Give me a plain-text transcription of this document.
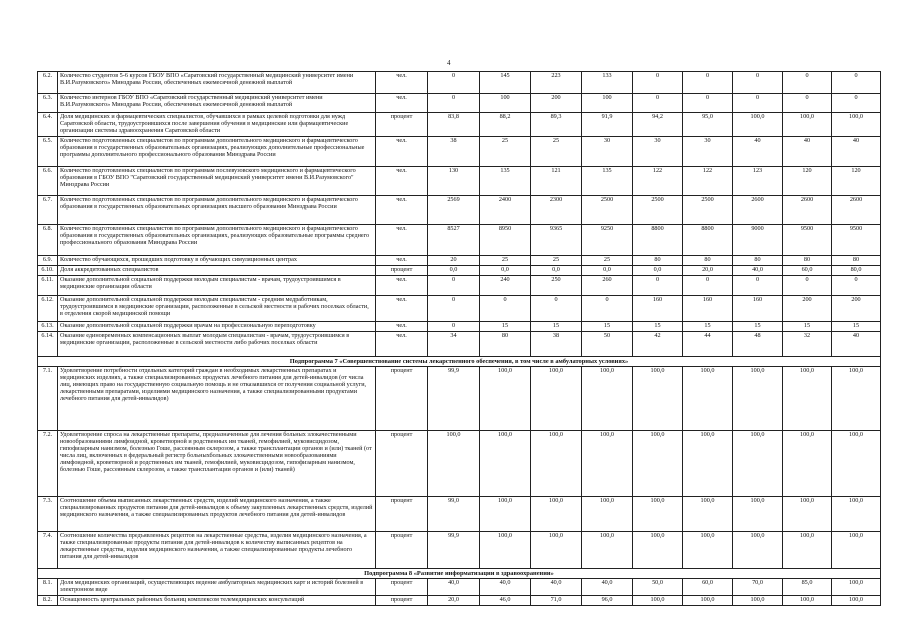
4
6.2.	Количество студентов 5-6 курсов ГБОУ ВПО «Саратовский государственный медицинский университет имени В.И.Разумовского» Минздрава России, обеспеченных ежемесячной денежной выплатой	чел.	0	145	223	133	0	0	0	0	0
6.3.	Количество интернов ГБОУ ВПО «Саратовский государственный медицинский университет имени В.И.Разумовского» Минздрава России, обеспеченных ежемесячной денежной выплатой	чел.	0	100	200	100	0	0	0	0	0
6.4.	Доля медицинских и фармацевтических специалистов, обучавшихся в рамках целевой подготовки для нужд Саратовской области, трудоустроившихся после завершения обучения в медицинские или фармацевтические организации системы здравоохранения Саратовской области	процент	83,8	88,2	89,3	91,9	94,2	95,0	100,0	100,0	100,0
6.5.	Количество подготовленных специалистов по программам дополнительного медицинского и фармацевтического образования в государственных образовательных организациях, реализующих дополнительные профессиональные программы дополнительного профессионального образования Минздрава России	чел.	38	25	25	30	30	30	40	40	40
6.6.	Количество подготовленных специалистов по программам послевузовского медицинского и фармацевтического образования в ГБОУ ВПО "Саратовский государственный медицинский университет имени В.И.Разумовского" Минздрава России	чел.	130	135	121	135	122	122	123	120	120
6.7.	Количество подготовленных специалистов по программам дополнительного медицинского и фармацевтического образования в государственных образовательных организациях высшего образования Минздрава России	чел.	2569	2400	2300	2500	2500	2500	2600	2600	2600
6.8.	Количество подготовленных специалистов по программам дополнительного медицинского и фармацевтического образования в государственных образовательных организациях, реализующих образовательные программы среднего профессионального образования Минздрава России	чел.	8527	8950	9365	9250	8800	8800	9000	9500	9500
6.9.	Количество обучающихся, прошедших подготовку в обучающих симуляционных центрах	чел.	20	25	25	25	80	80	80	80	80
6.10.	Доля аккредитованных специалистов	процент	0,0	0,0	0,0	0,0	0,0	20,0	40,0	60,0	80,0
6.11.	Оказание дополнительной социальной поддержки молодым специалистам - врачам, трудоустроившимся в медицинские организации области	чел.	0	240	250	260	0	0	0	0	0
6.12.	Оказание дополнительной социальной поддержки молодым специалистам - средним медработникам, трудоустроившимся в медицинские организации, расположенные в сельской местности и рабочих поселках области, в отделения скорой медицинской помощи	чел.	0	0	0	0	160	160	160	200	200
6.13.	Оказание дополнительной социальной поддержки врачам на профессиональную переподготовку	чел.	0	15	15	15	15	15	15	15	15
6.14.	Оказание единовременных компенсационных выплат молодым специалистам - врачам, трудоустроившимся в медицинские организации, расположенные в сельской местности либо рабочих поселках области	чел.	34	80	38	50	42	44	48	32	40
Подпрограмма 7 «Совершенствование системы лекарственного обеспечения, в том числе в амбулаторных условиях»											
7.1.	Удовлетворение потребности отдельных категорий граждан в необходимых лекарственных препаратах и медицинских изделиях, а также специализированных продуктах лечебного питания для детей-инвалидов (от числа лиц, имеющих право на государственную социальную помощь и не отказавшихся от получения социальной услуги, лекарственными препаратами, изделиями медицинского назначения, а также специализированными продуктами лечебного питания для детей-инвалидов)	процент	99,9	100,0	100,0	100,0	100,0	100,0	100,0	100,0	100,0
7.2.	Удовлетворение спроса на лекарственные препараты, предназначенные для лечения больных злокачественными новообразованиями лимфоидной, кроветворной и родственных им тканей, гемофилией, муковисцидозом, гипофизарным нанизмом, болезнью Гоше, рассеянным склерозом, а также трансплантации органов и (или) тканей (от числа лиц, включенных в федеральный регистр больныхбольных злокачественными новообразованиями лимфоидной, кроветворной и родственных им тканей, гемофилией, муковисцидозом, гипофизарным нанизмом, болезнью Гоше, рассеянным склерозом, а также трансплантации органов и (или) тканей)	процент	100,0	100,0	100,0	100,0	100,0	100,0	100,0	100,0	100,0
7.3.	Соотношение объема выписанных лекарственных средств, изделий медицинского назначения, а также специализированных продуктов питания для детей-инвалидов к объему закупленных лекарственных средств, изделий медицинского назначения, а также специализированных продуктов лечебного питания для детей-инвалидов	процент	99,0	100,0	100,0	100,0	100,0	100,0	100,0	100,0	100,0
7.4.	Соотношение количества предъявленных рецептов на лекарственные средства, изделия медицинского назначения, а также специализированные продукты питания для детей-инвалидов к количеству выписанных рецептов на лекарственные средства, изделия медицинского назначения, а также специализированные продукты лечебного питания для детей-инвалидов	процент	99,9	100,0	100,0	100,0	100,0	100,0	100,0	100,0	100,0
Подпрограмма 8 «Развитие информатизации в здравоохранении»											
8.1.	Доля медицинских организаций, осуществляющих ведение амбулаторных медицинских карт и историй болезней в электронном виде	процент	40,0	40,0	40,0	40,0	50,0	60,0	70,0	85,0	100,0
8.2.	Оснащенность центральных районных больниц комплексом телемедицинских консультаций	процент	20,0	46,0	71,0	96,0	100,0	100,0	100,0	100,0	100,0
